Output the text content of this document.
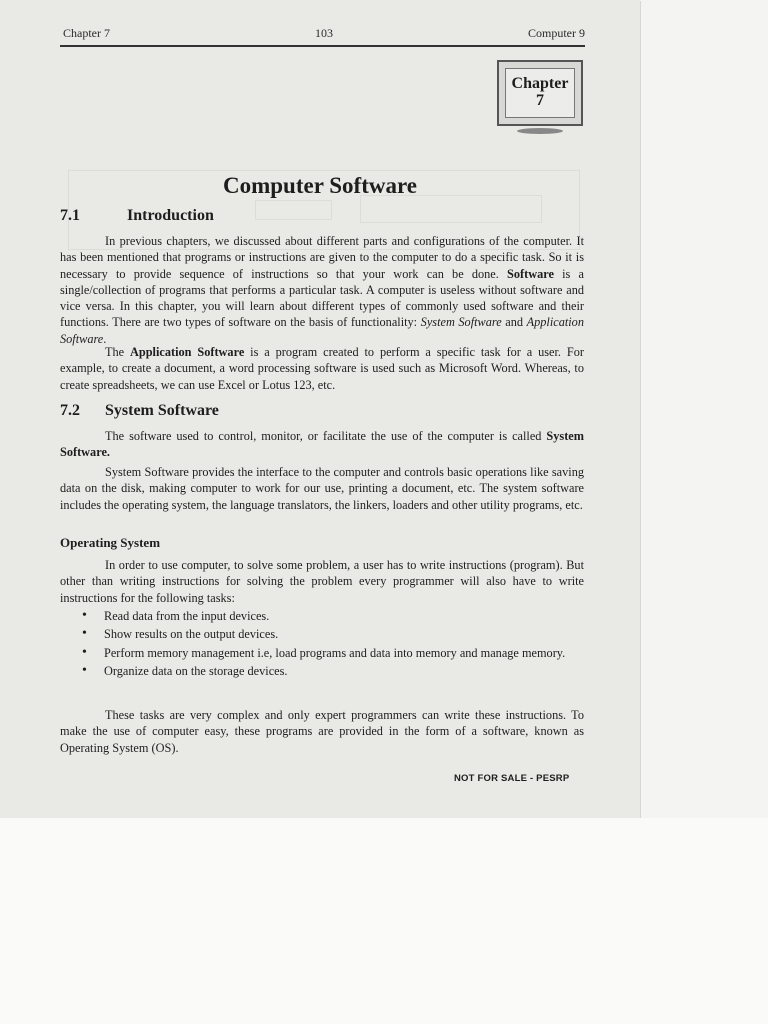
Chapter 7	103	Computer 9
Chapter
7
Computer Software
7.1	Introduction

In previous chapters, we discussed about different parts and configurations of the computer. It has been mentioned that programs or instructions are given to the computer to do a specific task. So it is necessary to provide sequence of instructions so that your work can be done. Software is a single/collection of programs that performs a particular task. A computer is useless without software and vice versa. In this chapter, you will learn about different types of commonly used software and their functions. There are two types of software on the basis of functionality: System Software and Application Software.

The Application Software is a program created to perform a specific task for a user. For example, to create a document, a word processing software is used such as Microsoft Word. Whereas, to create spreadsheets, we can use Excel or Lotus 123, etc.

7.2 System Software

The software used to control, monitor, or facilitate the use of the computer is called System Software.

System Software provides the interface to the computer and controls basic operations like saving data on the disk, making computer to work for our use, printing a document, etc. The system software includes the operating system, the language translators, the linkers, loaders and other utility programs, etc.

Operating System

In order to use computer, to solve some problem, a user has to write instructions (program). But other than writing instructions for solving the problem every programmer will also have to write instructions for the following tasks:

• Read data from the input devices.
• Show results on the output devices.
• Perform memory management i.e, load programs and data into memory and manage memory.
• Organize data on the storage devices.

These tasks are very complex and only expert programmers can write these instructions. To make the use of computer easy, these programs are provided in the form of a software, known as Operating System (OS).

NOT FOR SALE - PESRP
